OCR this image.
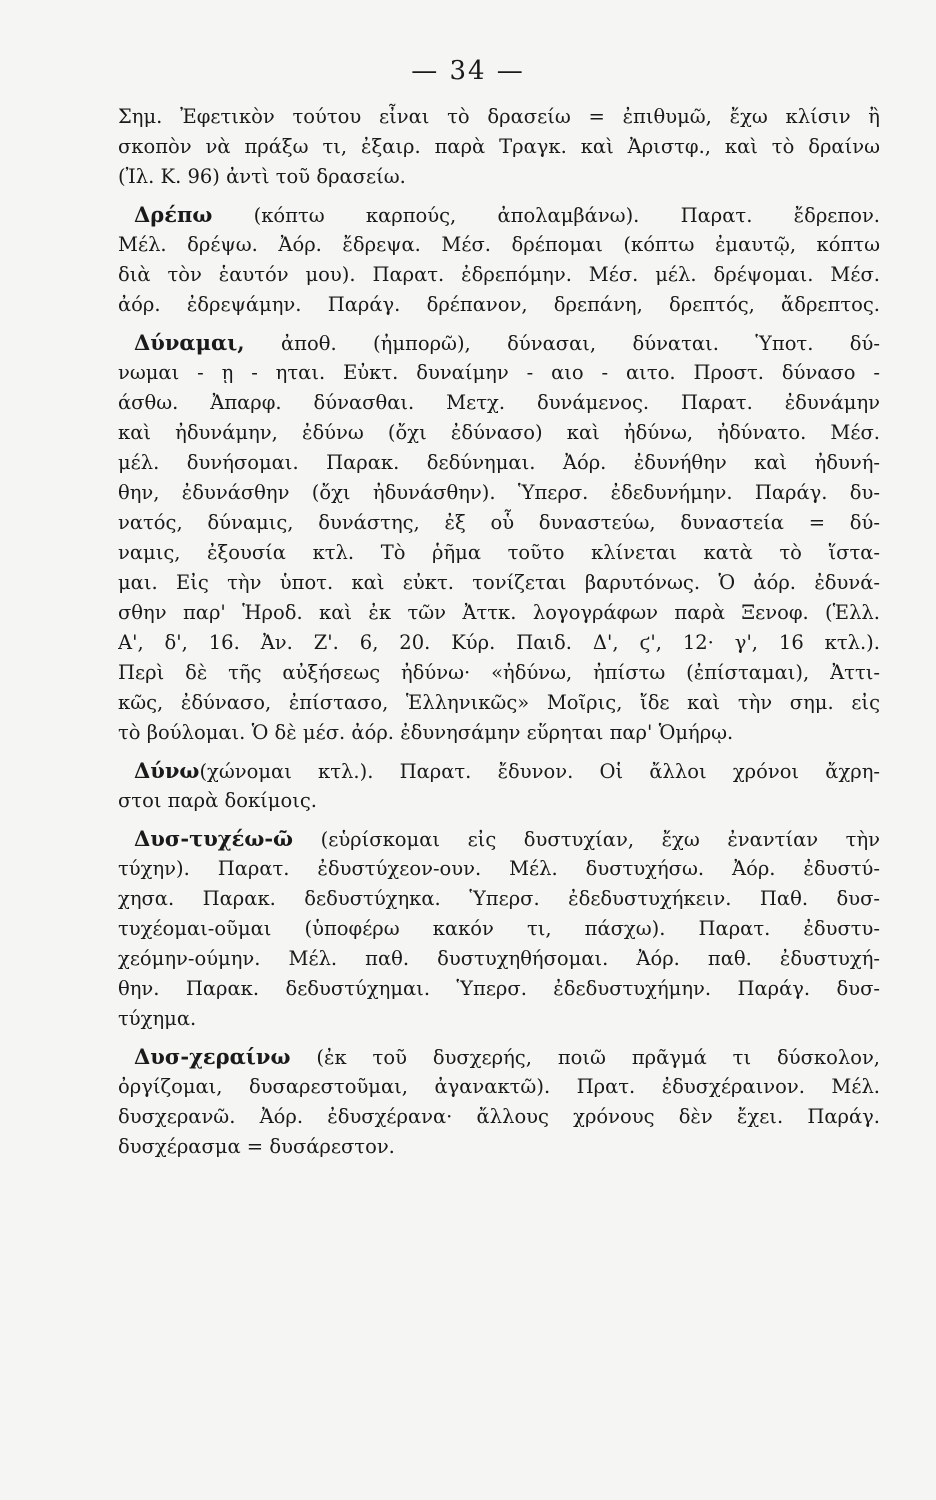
— 34 —
Σημ. Ἐφετικὸν τούτου εἶναι τὸ δρασείω = ἐπιθυμῶ, ἔχω κλίσιν ἢ
σκοπὸν νὰ πράξω τι, ἐξαιρ. παρὰ Τραγκ. καὶ Ἀριστφ., καὶ τὸ δραίνω
(Ἰλ. Κ. 96) ἀντὶ τοῦ δρασείω.
Δρέπω (κόπτω καρπούς, ἀπολαμβάνω). Παρατ. ἔδρεπον.
Μέλ. δρέψω. Ἀόρ. ἔδρεψα. Μέσ. δρέπομαι (κόπτω ἐμαυτῷ, κόπτω
διὰ τὸν ἑαυτόν μου). Παρατ. ἐδρεπόμην. Μέσ. μέλ. δρέψομαι. Μέσ.
ἀόρ. ἐδρεψάμην. Παράγ. δρέπανον, δρεπάνη, δρεπτός, ἄδρεπτος.
Δύναμαι, ἀποθ. (ἠμπορῶ), δύνασαι, δύναται. Ὑποτ. δύ-
νωμαι - ῃ - ηται. Εὐκτ. δυναίμην - αιο - αιτο. Προστ. δύνασο -
άσθω. Ἀπαρφ. δύνασθαι. Μετχ. δυνάμενος. Παρατ. ἐδυνάμην
καὶ ἠδυνάμην, ἐδύνω (ὄχι ἐδύνασο) καὶ ἠδύνω, ἠδύνατο. Μέσ.
μέλ. δυνήσομαι. Παρακ. δεδύνημαι. Ἀόρ. ἐδυνήθην καὶ ἠδυνή-
θην, ἐδυνάσθην (ὄχι ἠδυνάσθην). Ὑπερσ. ἐδεδυνήμην. Παράγ. δυ-
νατός, δύναμις, δυνάστης, ἐξ οὗ δυναστεύω, δυναστεία = δύ-
ναμις, ἐξουσία κτλ. Τὸ ῥῆμα τοῦτο κλίνεται κατὰ τὸ ἵστα-
μαι. Εἰς τὴν ὑποτ. καὶ εὐκτ. τονίζεται βαρυτόνως. Ὁ ἀόρ. ἐδυνά-
σθην παρ' Ἡροδ. καὶ ἐκ τῶν Ἀττκ. λογογράφων παρὰ Ξενοφ. (Ἑλλ.
Α', δ', 16. Ἀν. Ζ'. 6, 20. Κύρ. Παιδ. Δ', ϛ', 12· γ', 16 κτλ.).
Περὶ δὲ τῆς αὐξήσεως ἠδύνω· «ἠδύνω, ἠπίστω (ἐπίσταμαι), Ἀττι-
κῶς, ἐδύνασο, ἐπίστασο, Ἑλληνικῶς» Μοῖρις, ἴδε καὶ τὴν σημ. εἰς
τὸ βούλομαι. Ὁ δὲ μέσ. ἀόρ. ἐδυνησάμην εὕρηται παρ' Ὁμήρῳ.
Δύνω(χώνομαι κτλ.). Παρατ. ἔδυνον. Οἱ ἄλλοι χρόνοι ἄχρη-
στοι παρὰ δοκίμοις.
Δυσ-τυχέω-ῶ (εὑρίσκομαι εἰς δυστυχίαν, ἔχω ἐναντίαν τὴν
τύχην). Παρατ. ἐδυστύχεον-ουν. Μέλ. δυστυχήσω. Ἀόρ. ἐδυστύ-
χησα. Παρακ. δεδυστύχηκα. Ὑπερσ. ἐδεδυστυχήκειν. Παθ. δυσ-
τυχέομαι-οῦμαι (ὑποφέρω κακόν τι, πάσχω). Παρατ. ἐδυστυ-
χεόμην-ούμην. Μέλ. παθ. δυστυχηθήσομαι. Ἀόρ. παθ. ἐδυστυχή-
θην. Παρακ. δεδυστύχημαι. Ὑπερσ. ἐδεδυστυχήμην. Παράγ. δυσ-
τύχημα.
Δυσ-χεραίνω (ἐκ τοῦ δυσχερής, ποιῶ πρᾶγμά τι δύσκολον,
ὀργίζομαι, δυσαρεστοῦμαι, ἀγανακτῶ). Πρατ. ἐδυσχέραινον. Μέλ.
δυσχερανῶ. Ἀόρ. ἐδυσχέρανα· ἄλλους χρόνους δὲν ἔχει. Παράγ.
δυσχέρασμα = δυσάρεστον.
